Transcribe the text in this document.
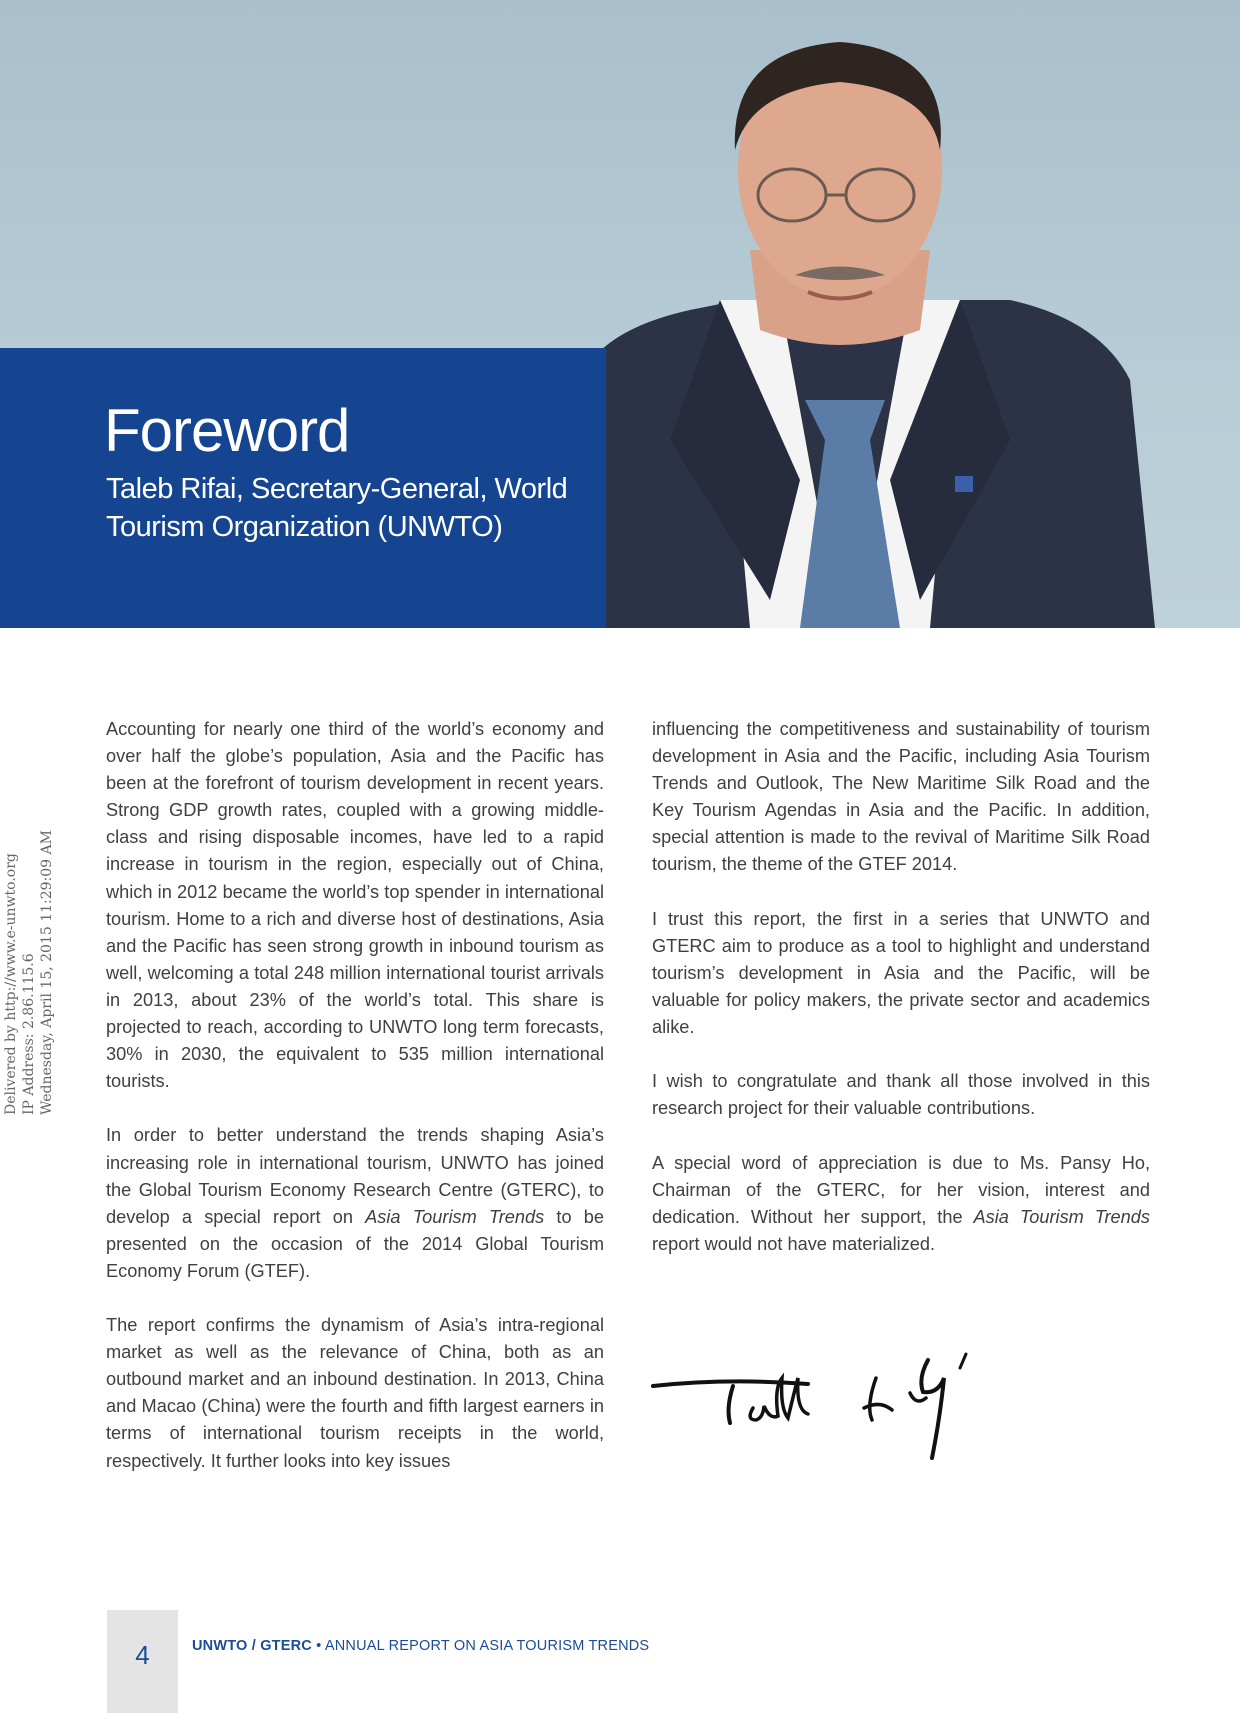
Foreword
Taleb Rifai, Secretary-General, World
Tourism Organization (UNWTO)
Delivered by http://www.e-unwto.org IP Address: 2.86.115.6 Wednesday, April 15, 2015 11:29:09 AM

Accounting for nearly one third of the world’s economy and over half the globe’s population, Asia and the Pacific has been at the forefront of tourism development in recent years. Strong GDP growth rates, coupled with a growing middle-class and rising disposable incomes, have led to a rapid increase in tourism in the region, especially out of China, which in 2012 became the world’s top spender in international tourism. Home to a rich and diverse host of destinations, Asia and the Pacific has seen strong growth in inbound tourism as well, welcoming a total 248 million international tourist arrivals in 2013, about 23% of the world’s total. This share is projected to reach, according to UNWTO long term forecasts, 30% in 2030, the equivalent to 535 million international tourists.

In order to better understand the trends shaping Asia’s increasing role in international tourism, UNWTO has joined the Global Tourism Economy Research Centre (GTERC), to develop a special report on Asia Tourism Trends to be presented on the occasion of the 2014 Global Tourism Economy Forum (GTEF).

The report confirms the dynamism of Asia’s intra-regional market as well as the relevance of China, both as an outbound market and an inbound destination. In 2013, China and Macao (China) were the fourth and fifth largest earners in terms of international tourism receipts in the world, respectively. It further looks into key issues

influencing the competitiveness and sustainability of tourism development in Asia and the Pacific, including Asia Tourism Trends and Outlook, The New Maritime Silk Road and the Key Tourism Agendas in Asia and the Pacific. In addition, special attention is made to the revival of Maritime Silk Road tourism, the theme of the GTEF 2014.

I trust this report, the first in a series that UNWTO and GTERC aim to produce as a tool to highlight and understand tourism’s development in Asia and the Pacific, will be valuable for policy makers, the private sector and academics alike.

I wish to congratulate and thank all those involved in this research project for their valuable contributions.

A special word of appreciation is due to Ms. Pansy Ho, Chairman of the GTERC, for her vision, interest and dedication. Without her support, the Asia Tourism Trends report would not have materialized.

4	UNWTO / GTERC • ANNUAL REPORT ON ASIA TOURISM TRENDS
